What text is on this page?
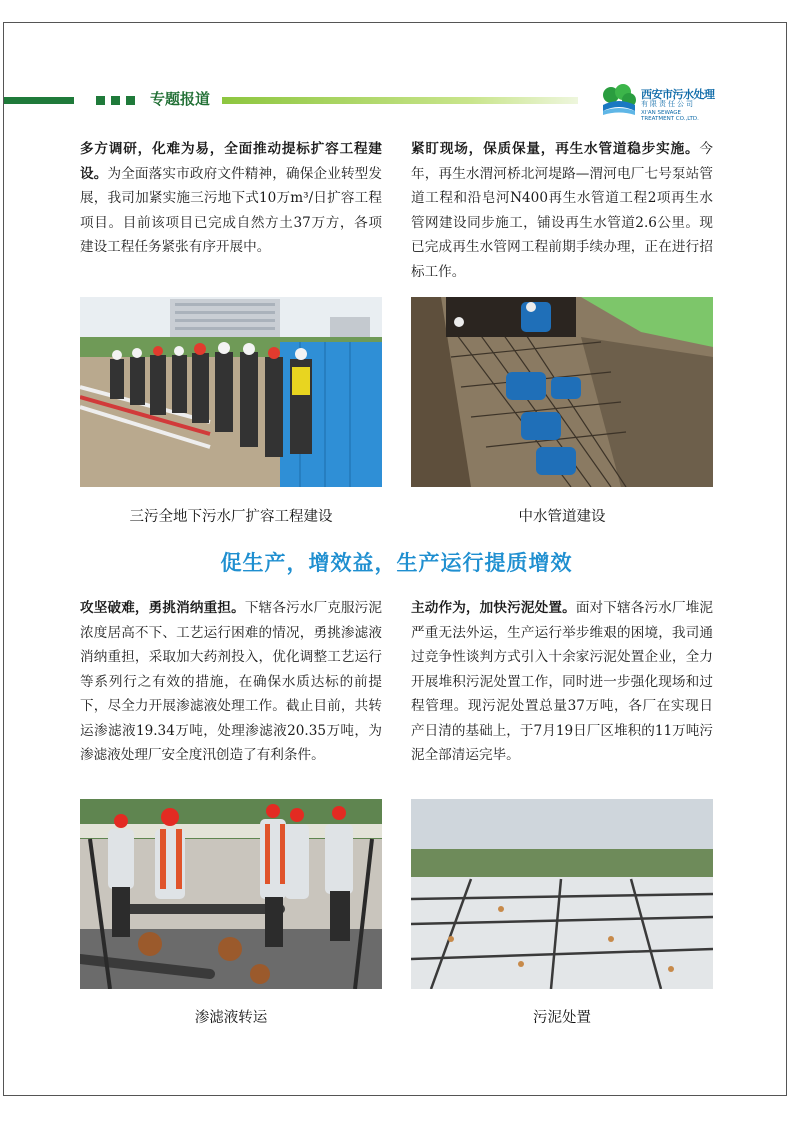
专题报道	西安市污水处理
有限责任公司
XI'AN SEWAGE
TREATMENT CO.,LTD.

多方调研，化难为易，全面推动提标扩容工程建设。为全面落实市政府文件精神，确保企业转型发展，我司加紧实施三污地下式10万m³/日扩容工程项目。目前该项目已完成自然方土37万方，各项建设工程任务紧张有序开展中。

紧盯现场，保质保量，再生水管道稳步实施。今年，再生水渭河桥北河堤路—渭河电厂七号泵站管道工程和沿皂河N400再生水管道工程2项再生水管网建设同步施工，铺设再生水管道2.6公里。现已完成再生水管网工程前期手续办理，正在进行招标工作。

三污全地下污水厂扩容工程建设	中水管道建设
促生产，增效益，生产运行提质增效

攻坚破难，勇挑消纳重担。下辖各污水厂克服污泥浓度居高不下、工艺运行困难的情况，勇挑渗滤液消纳重担，采取加大药剂投入，优化调整工艺运行等系列行之有效的措施，在确保水质达标的前提下，尽全力开展渗滤液处理工作。截止目前，共转运渗滤液19.34万吨，处理渗滤液20.35万吨，为渗滤液处理厂安全度汛创造了有利条件。

主动作为，加快污泥处置。面对下辖各污水厂堆泥严重无法外运，生产运行举步维艰的困境，我司通过竞争性谈判方式引入十余家污泥处置企业，全力开展堆积污泥处置工作，同时进一步强化现场和过程管理。现污泥处置总量37万吨，各厂在实现日产日清的基础上，于7月19日厂区堆积的11万吨污泥全部清运完毕。

渗滤液转运	污泥处置
